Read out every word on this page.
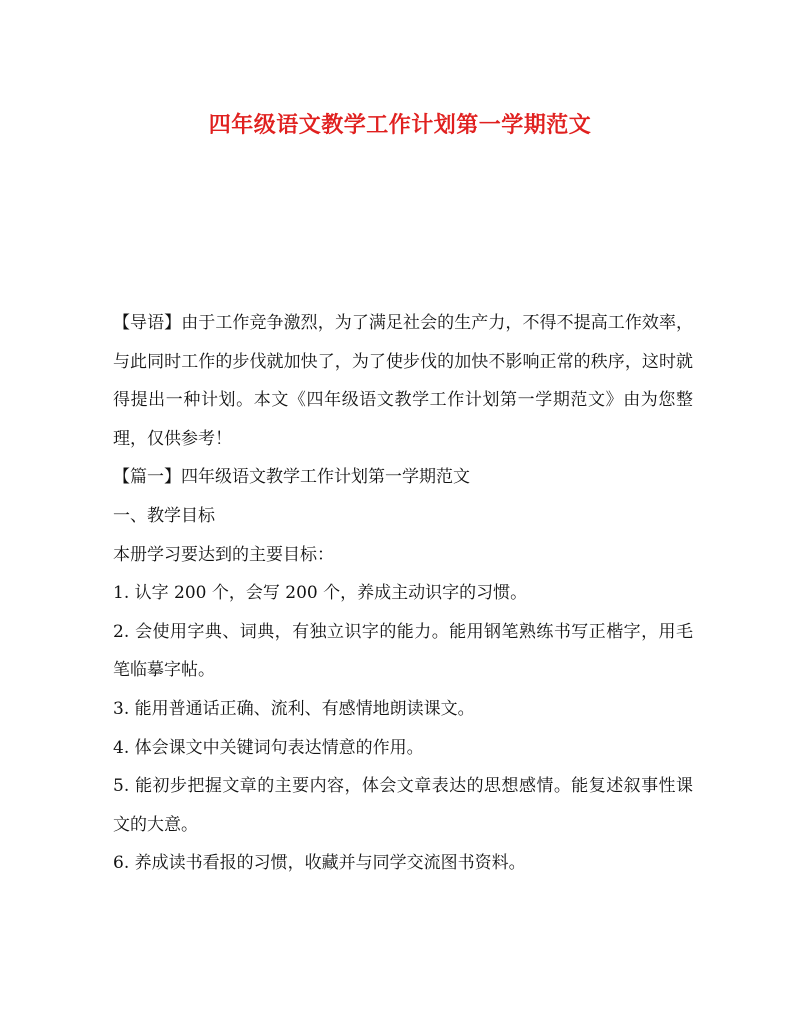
四年级语文教学工作计划第一学期范文

【导语】由于工作竞争激烈，为了满足社会的生产力，不得不提高工作效率，与此同时工作的步伐就加快了，为了使步伐的加快不影响正常的秩序，这时就得提出一种计划。本文《四年级语文教学工作计划第一学期范文》由为您整理，仅供参考！

【篇一】四年级语文教学工作计划第一学期范文

一、教学目标

本册学习要达到的主要目标：

1. 认字 200 个，会写 200 个，养成主动识字的习惯。

2. 会使用字典、词典，有独立识字的能力。能用钢笔熟练书写正楷字，用毛笔临摹字帖。

3. 能用普通话正确、流利、有感情地朗读课文。

4. 体会课文中关键词句表达情意的作用。

5. 能初步把握文章的主要内容，体会文章表达的思想感情。能复述叙事性课文的大意。

6. 养成读书看报的习惯，收藏并与同学交流图书资料。
